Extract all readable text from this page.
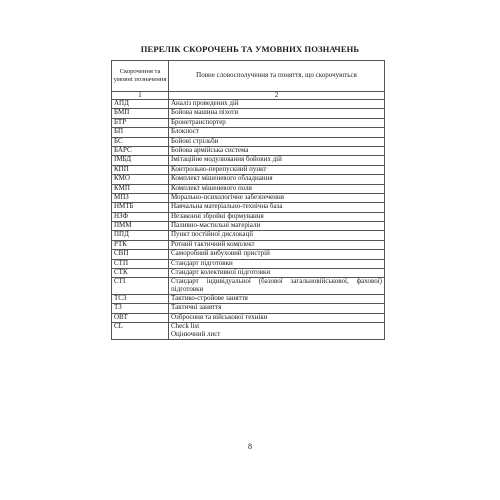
ПЕРЕЛІК СКОРОЧЕНЬ ТА УМОВНИХ ПОЗНАЧЕНЬ
Скорочення та умовні позначення	Повне словосполучення та поняття, що скорочуються
1	2
АПД	Аналіз проведених дій
БМП	Бойова машина піхоти
БТР	Бронетранспортер
БП	Блокпост
БС	Бойові стрільби
БАРС	Бойова армійська система
ІМБД	Імітаційне модулювання бойових дій
КПП	Контрольно-перепускний пункт
КМО	Комплект мішеневого обладнання
КМП	Комплект мішеневого поля
МПЗ	Морально-психологічне забезпечення
НМТБ	Навчальна матеріально-технічна база
НЗФ	Незаконні збройні формування
ПММ	Паливно-мастильні матеріали
ППД	Пункт постійної дислокації
РТК	Ротний тактичний комплект
СВП	Саморобний вибуховий пристрій
СТП	Стандарт підготовки
СТК	Стандарт колективної підготовки
СТІ	Стандарт індивідуальної (базової загальновійськової, фахової) підготовки
ТСЗ	Тактико-стройове заняття
ТЗ	Тактичні заняття
ОВТ	Озброєння та військової техніки
CL	Check list
Оцінючний лист
8
